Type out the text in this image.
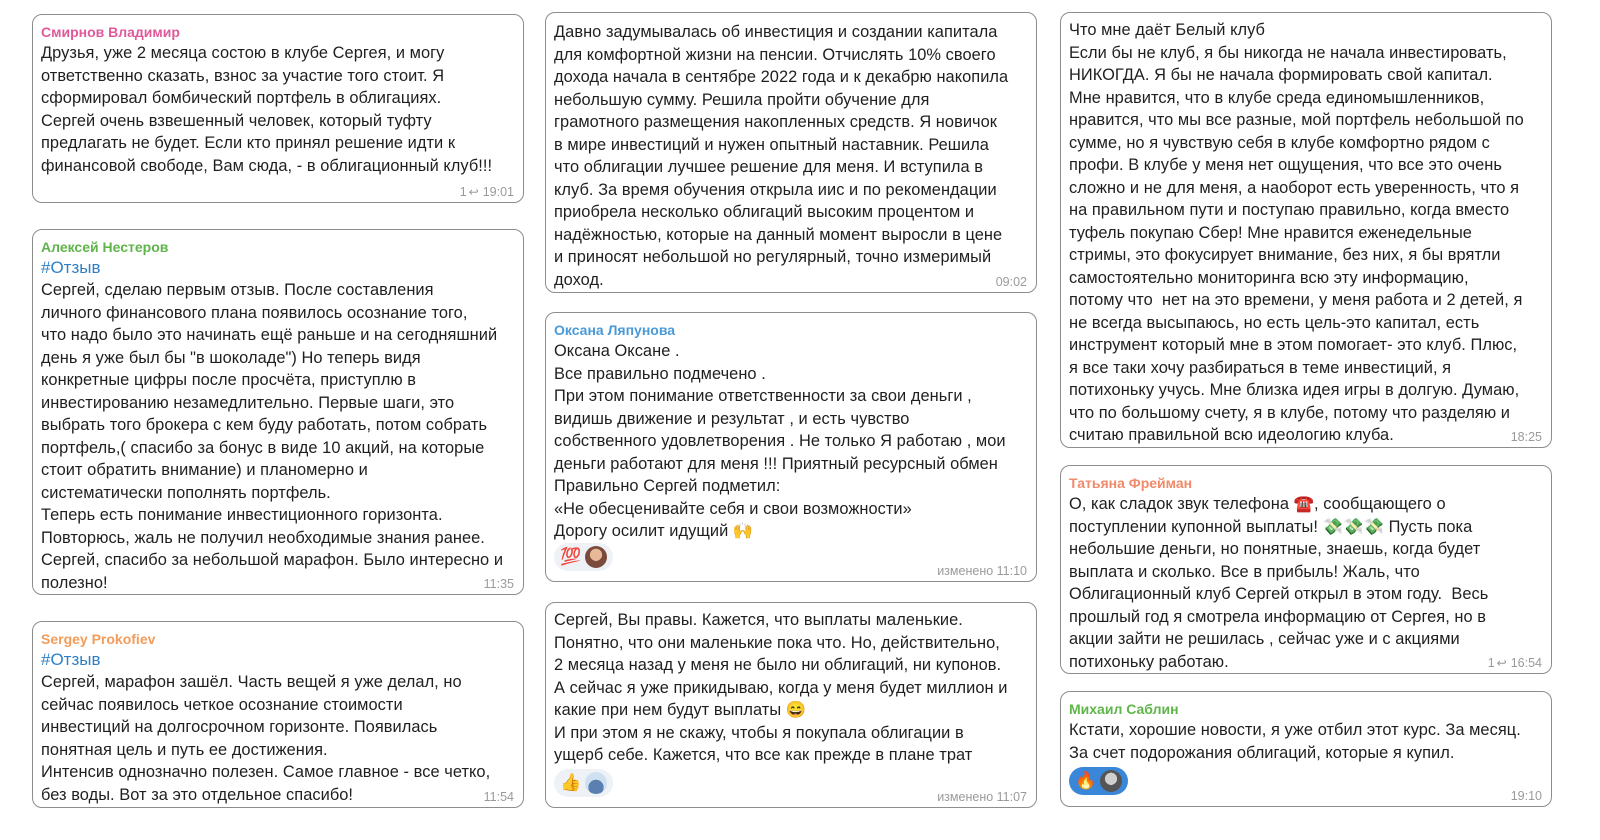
Смирнов Владимир
Друзья, уже 2 месяца состою в клубе Сергея, и могу
ответственно сказать, взнос за участие того стоит. Я
сформировал бомбический портфель в облигациях.
Сергей очень взвешенный человек, который туфту
предлагать не будет. Если кто принял решение идти к
финансовой свободе, Вам сюда, - в облигационный клуб!!!
1 ↩ 19:01
Алексей Нестеров
#Отзыв
Сергей, сделаю первым отзыв. После составления
личного финансового плана появилось осознание того,
что надо было это начинать ещё раньше и на сегодняшний
день я уже был бы "в шоколаде") Но теперь видя
конкретные цифры после просчёта, приступлю в
инвестированию незамедлительно. Первые шаги, это
выбрать того брокера с кем буду работать, потом собрать
портфель,( спасибо за бонус в виде 10 акций, на которые
стоит обратить внимание) и планомерно и
систематически пополнять портфель.
Теперь есть понимание инвестиционного горизонта.
Повторюсь, жаль не получил необходимые знания ранее.
Сергей, спасибо за небольшой марафон. Было интересно и
полезно!	11:35
Sergey Prokofiev
#Отзыв
Сергей, марафон зашёл. Часть вещей я уже делал, но
сейчас появилось четкое осознание стоимости
инвестиций на долгосрочном горизонте. Появилась
понятная цель и путь ее достижения.
Интенсив однозначно полезен. Самое главное - все четко,
без воды. Вот за это отдельное спасибо!	11:54
Давно задумывалась об инвестиция и создании капитала
для комфортной жизни на пенсии. Отчислять 10% своего
дохода начала в сентябре 2022 года и к декабрю накопила
небольшую сумму. Решила пройти обучение для
грамотного размещения накопленных средств. Я новичок
в мире инвестиций и нужен опытный наставник. Решила
что облигации лучшее решение для меня. И вступила в
клуб. За время обучения открыла иис и по рекомендации
приобрела несколько облигаций высоким процентом и
надёжностью, которые на данный момент выросли в цене
и приносят небольшой но регулярный, точно измеримый
доход.	09:02
Оксана Ляпунова
Оксана Оксане .
Все правильно подмечено .
При этом понимание ответственности за свои деньги ,
видишь движение и результат , и есть чувство
собственного удовлетворения . Не только Я работаю , мои
деньги работают для меня !!! Приятный ресурсный обмен
Правильно Сергей подметил:
«Не обесценивайте себя и свои возможности»
Дорогу осилит идущий 🙌
💯
изменено 11:10
Сергей, Вы правы. Кажется, что выплаты маленькие.
Понятно, что они маленькие пока что. Но, действительно,
2 месяца назад у меня не было ни облигаций, ни купонов.
А сейчас я уже прикидываю, когда у меня будет миллион и
какие при нем будут выплаты 😄
И при этом я не скажу, чтобы я покупала облигации в
ущерб себе. Кажется, что все как прежде в плане трат
👍
изменено 11:07
Что мне даёт Белый клуб
Если бы не клуб, я бы никогда не начала инвестировать,
НИКОГДА. Я бы не начала формировать свой капитал.
Мне нравится, что в клубе среда единомышленников,
нравится, что мы все разные, мой портфель небольшой по
сумме, но я чувствую себя в клубе комфортно рядом с
профи. В клубе у меня нет ощущения, что все это очень
сложно и не для меня, а наоборот есть уверенность, что я
на правильном пути и поступаю правильно, когда вместо
туфель покупаю Сбер! Мне нравится еженедельные
стримы, это фокусирует внимание, без них, я бы врятли
самостоятельно мониторинга всю эту информацию,
потому что  нет на это времени, у меня работа и 2 детей, я
не всегда высыпаюсь, но есть цель-это капитал, есть
инструмент который мне в этом помогает- это клуб. Плюс,
я все таки хочу разбираться в теме инвестиций, я
потихоньку учусь. Мне близка идея игры в долгую. Думаю,
что по большому счету, я в клубе, потому что разделяю и
считаю правильной всю идеологию клуба.	18:25
Татьяна Фрейман
О, как сладок звук телефона ☎️, сообщающего о
поступлении купонной выплаты! 💸💸💸 Пусть пока
небольшие деньги, но понятные, знаешь, когда будет
выплата и сколько. Все в прибыль! Жаль, что
Облигационный клуб Сергей открыл в этом году.  Весь
прошлый год я смотрела информацию от Сергея, но в
акции зайти не решилась , сейчас уже и с акциями
потихоньку работаю.	1 ↩ 16:54
Михаил Саблин
Кстати, хорошие новости, я уже отбил этот курс. За месяц.
За счет подорожания облигаций, которые я купил.
🔥
19:10
